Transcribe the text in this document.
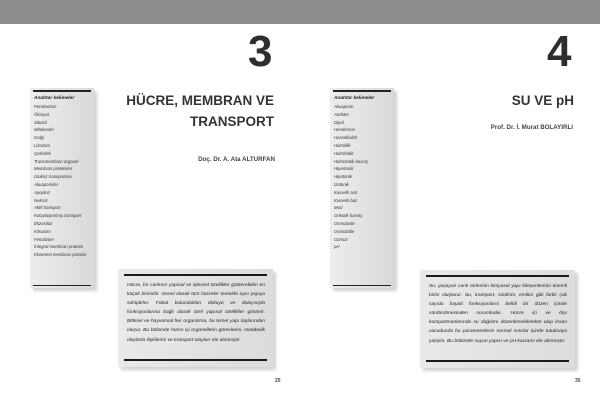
3
Anahtar kelimeler
Peroksizom
Ökaryot
Sitozol
Mitokondri
Golgi
Lizozom
Çekirdek
Transmembran organel
Membran proteinleri
Glukoz transporteru
Akuaporinler
Apoptoz
Nekroz
Aktif transport
Kolaylaştırılmış transport
Ekzositoz
Kilrozom
Fenolizom
İntegral membran proteini
Ekstemel membran proteini
HÜCRE, MEMBRAN VE
TRANSPORT
Doç. Dr. A. Ata ALTURFAN

Hücre, bir canlının yapısal ve işlevsel özellikler gösterebilen en küçük birimidir. Genel olarak tüm hücreler temelde aynı yapıya sahiptirler. Fakat bulundukları dokuya ve dolayısıyla fonksiyonlarına bağlı olarak özel yapısal özellikler gösterir. Bitkisel ve hayvansal her organizma, bu temel yapı taşlarından oluşur. Bu bölümde hücre içi organellerin görevlerini, metabolik olaylarla ilişkilerini ve transport olayları ele alınmıştır.

25
4
Anahtar kelimeler
Akuaporin
Amfoter
Dipol
Henderson
Hasselbalch
Hidrofilik
Hidrofobik
Hidrostatik basınç
Hipertonik
Hipotonik
İzotonik
Kuvvetli asit
Kuvvetli baz
Mod
Onkotik basınç
Osmolarite
Osmolalite
Ozmoz
pH
SU VE pH
Prof. Dr. İ. Murat BOLAYIRLI

Su, yaşayan canlı türlerinin kimyasal yapı bileşenlerinin önemli birini oluşturur. Su, transport, sindirim, emilim gibi farklı çok sayıda hayati fonksiyonların belirli bir düzen içinde sürdürülmesinden sorumludur. Hücre içi ve dışı kompartmanlarında su dağılımı düzenlenebilmekte olup insan vücudunda bu parametrelerin normal sınırlar içinde tutulmaya çalışılır. Bu bölümde suyun yapısı ve pH kavramı ele alınmıştır.

35
